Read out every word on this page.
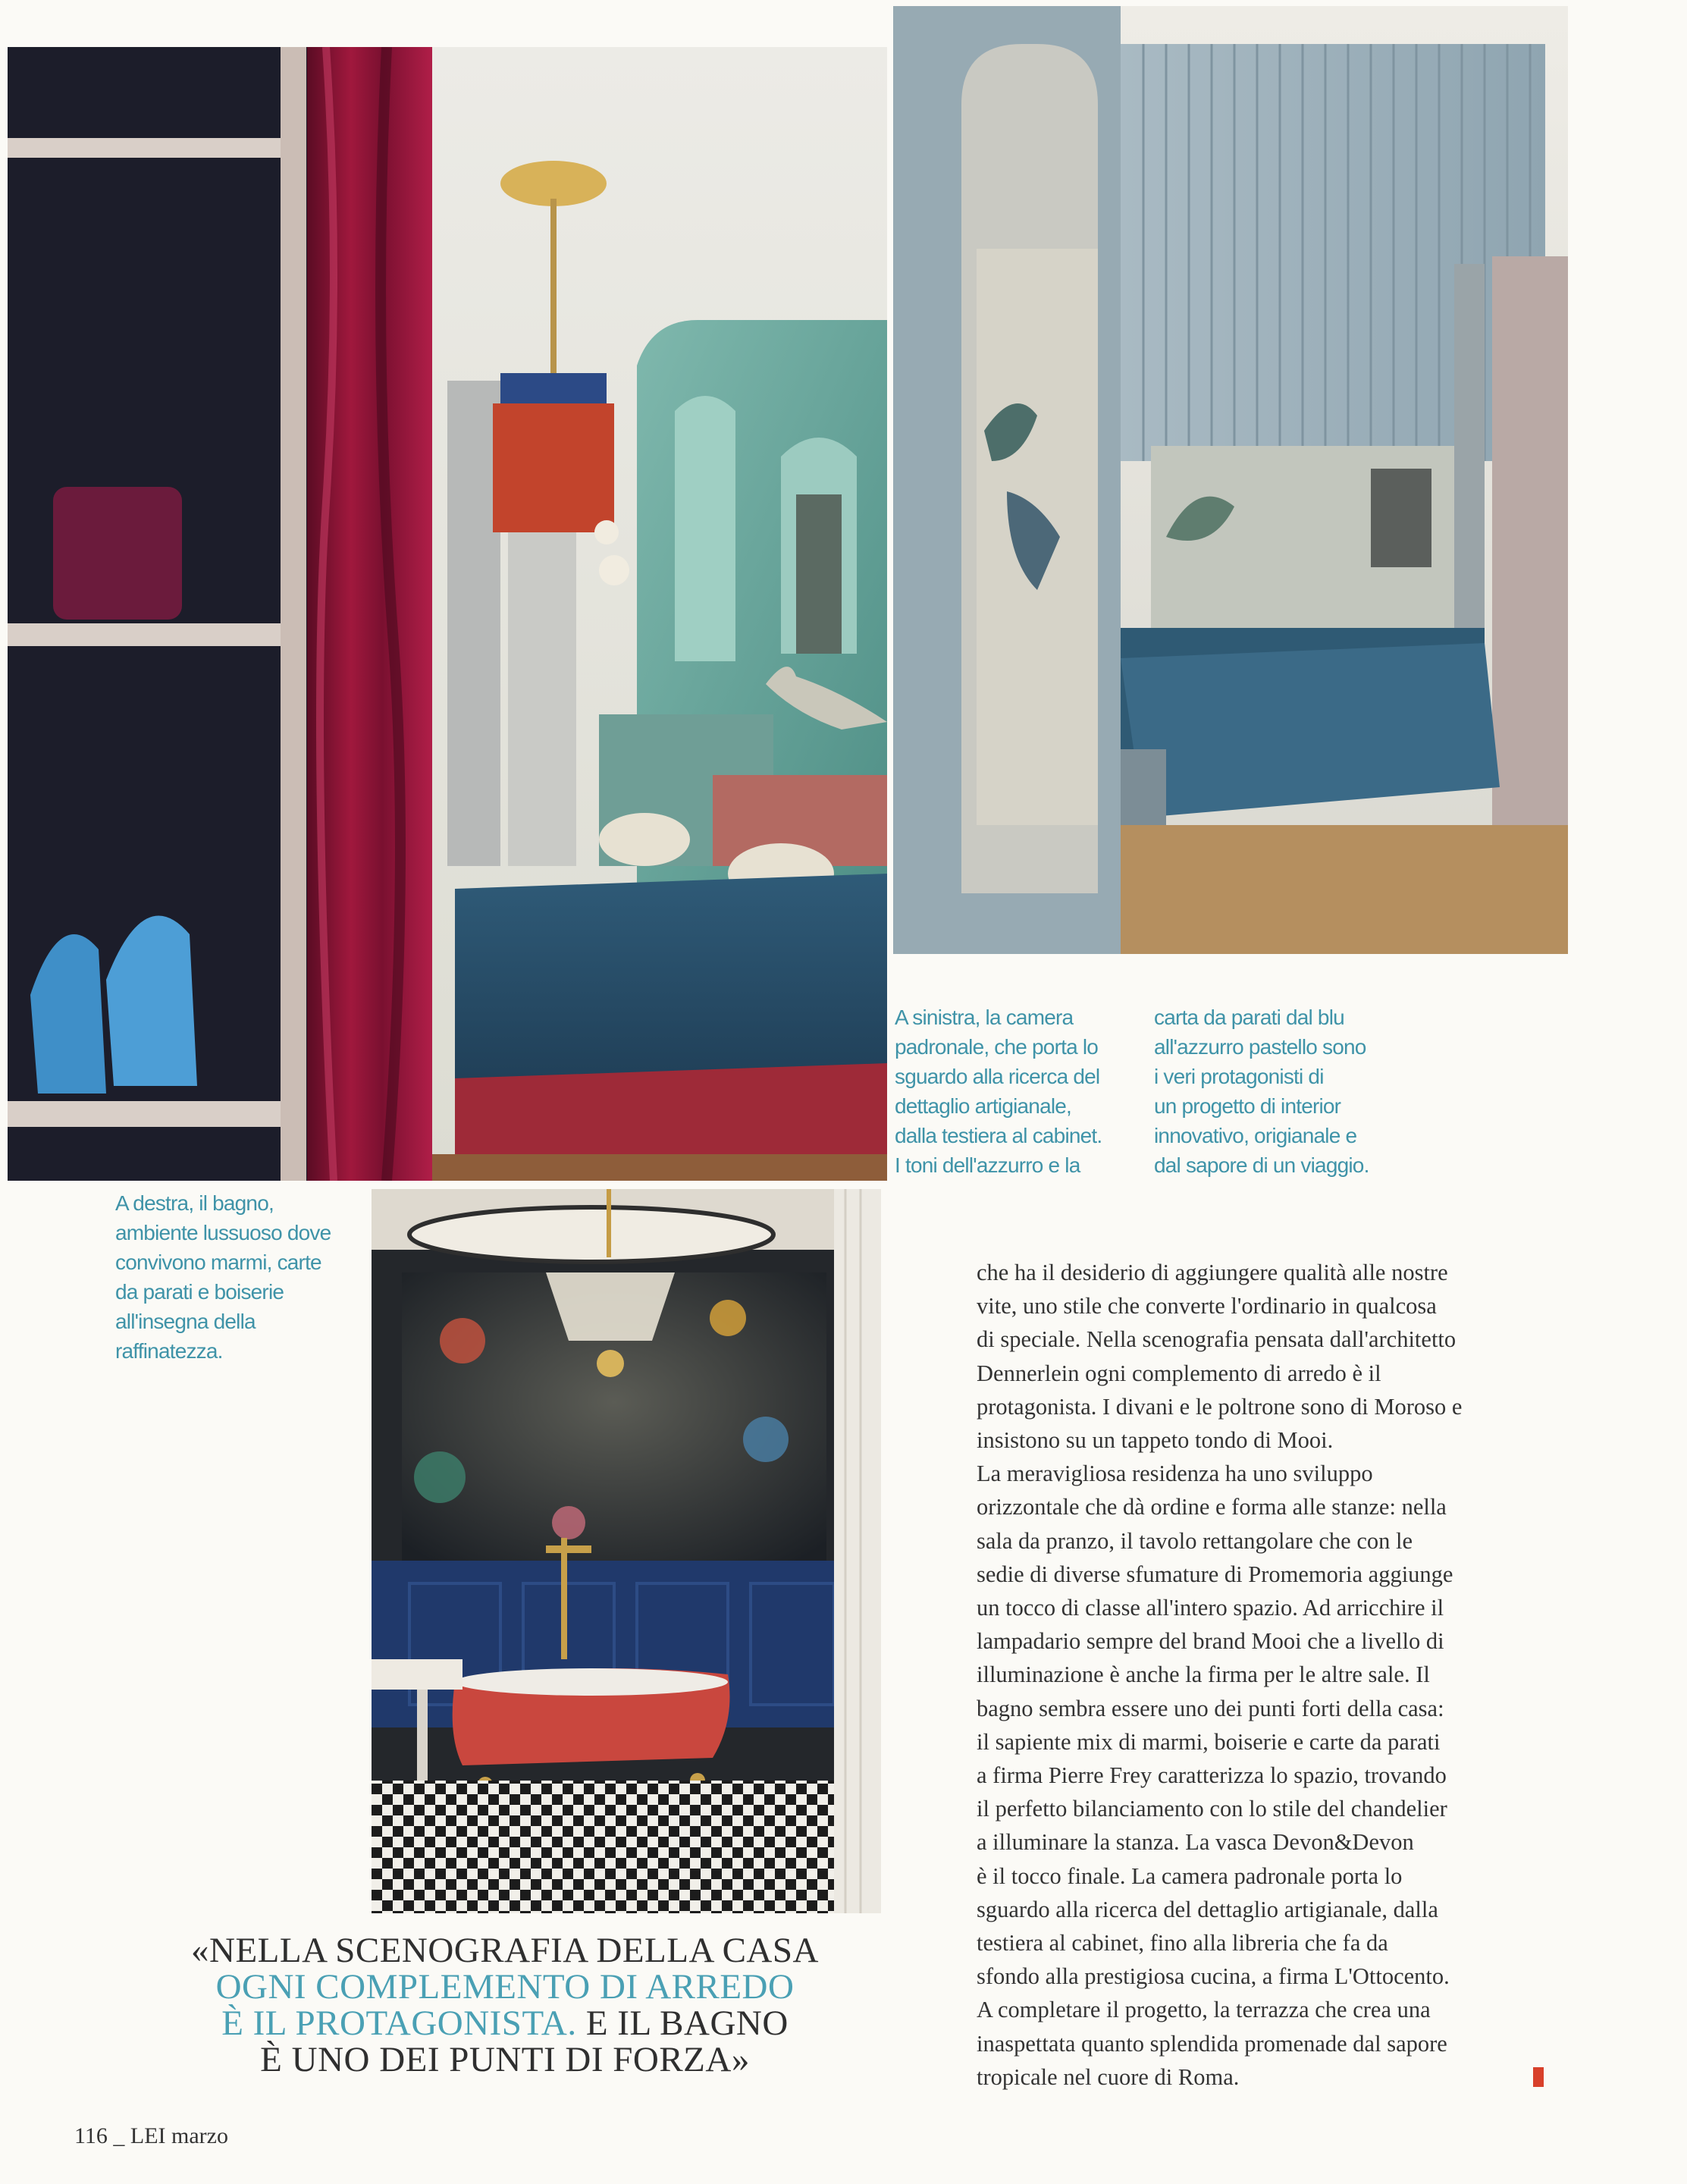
A sinistra, la camera
padronale, che porta lo
sguardo alla ricerca del
dettaglio artigianale,
dalla testiera al cabinet.
I toni dell'azzurro e la
carta da parati dal blu
all'azzurro pastello sono
i veri protagonisti di
un progetto di interior
innovativo, origianale e
dal sapore di un viaggio.
A destra, il bagno,
ambiente lussuoso dove
convivono marmi, carte
da parati e boiserie
all'insegna della
raffinatezza.
che ha il desiderio di aggiungere qualità alle nostre
vite, uno stile che converte l'ordinario in qualcosa
di speciale. Nella scenografia pensata dall'architetto
Dennerlein ogni complemento di arredo è il
protagonista. I divani e le poltrone sono di Moroso e
insistono su un tappeto tondo di Mooi.
La meravigliosa residenza ha uno sviluppo
orizzontale che dà ordine e forma alle stanze: nella
sala da pranzo, il tavolo rettangolare che con le
sedie di diverse sfumature di Promemoria aggiunge
un tocco di classe all'intero spazio. Ad arricchire il
lampadario sempre del brand Mooi che a livello di
illuminazione è anche la firma per le altre sale. Il
bagno sembra essere uno dei punti forti della casa:
il sapiente mix di marmi, boiserie e carte da parati
a firma Pierre Frey caratterizza lo spazio, trovando
il perfetto bilanciamento con lo stile del chandelier
a illuminare la stanza. La vasca Devon&Devon
è il tocco finale. La camera padronale porta lo
sguardo alla ricerca del dettaglio artigianale, dalla
testiera al cabinet, fino alla libreria che fa da
sfondo alla prestigiosa cucina, a firma L'Ottocento.
A completare il progetto, la terrazza che crea una
inaspettata quanto splendida promenade dal sapore
tropicale nel cuore di Roma.
«NELLA SCENOGRAFIA DELLA CASA
OGNI COMPLEMENTO DI ARREDO
È IL PROTAGONISTA. E IL BAGNO
È UNO DEI PUNTI DI FORZA»
116 _ LEI marzo
